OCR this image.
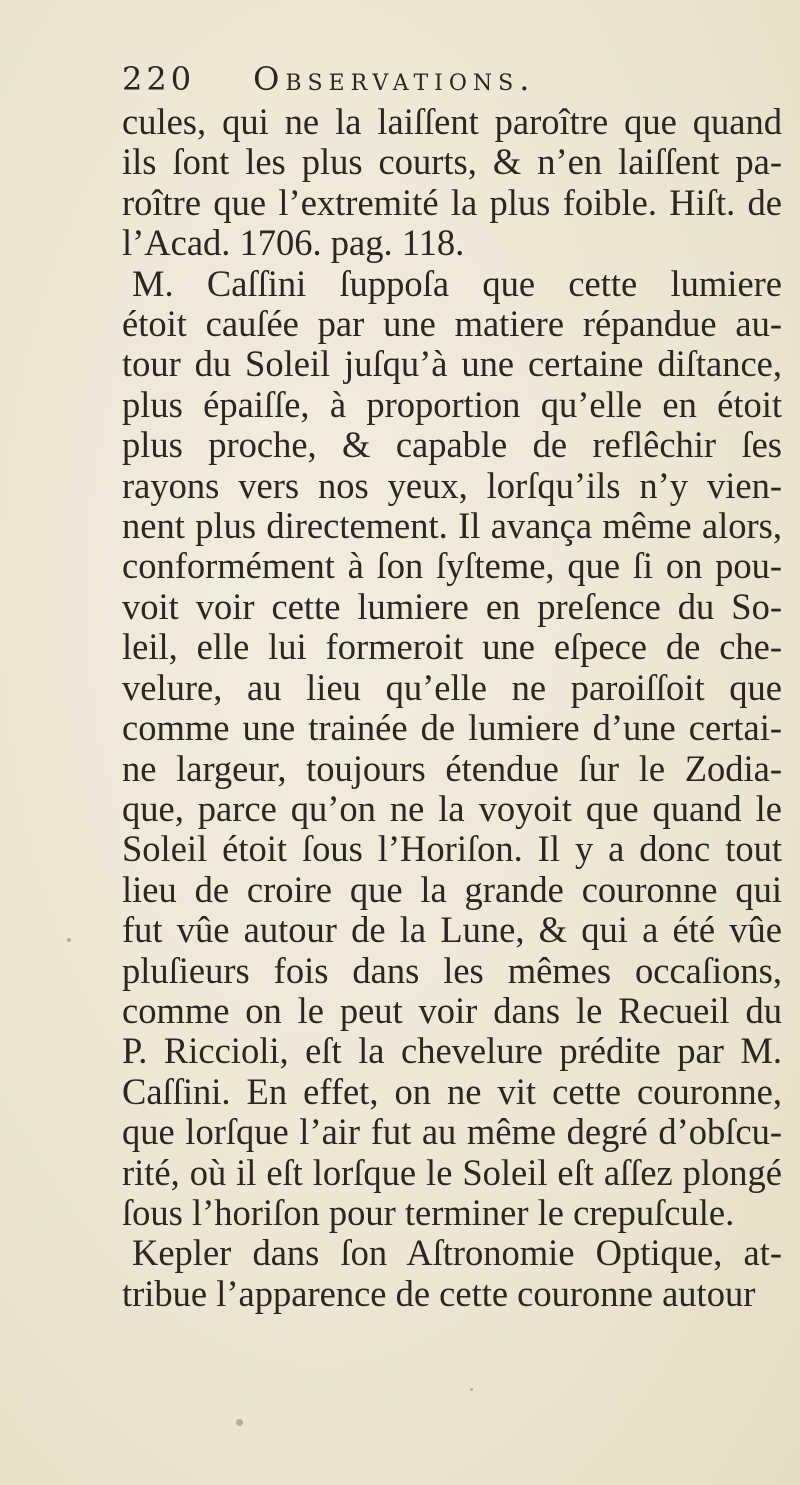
220 Observations.
cules, qui ne la laiſſent paroître que quand
ils ſont les plus courts, & n’en laiſſent pa-
roître que l’extremité la plus foible. Hiſt. de
l’Acad. 1706. pag. 118.
M. Caſſini ſuppoſa que cette lumiere
étoit cauſée par une matiere répandue au-
tour du Soleil juſqu’à une certaine diſtance,
plus épaiſſe, à proportion qu’elle en étoit
plus proche, & capable de reflêchir ſes
rayons vers nos yeux, lorſqu’ils n’y vien-
nent plus directement. Il avança même alors,
conformément à ſon ſyſteme, que ſi on pou-
voit voir cette lumiere en preſence du So-
leil, elle lui formeroit une eſpece de che-
velure, au lieu qu’elle ne paroiſſoit que
comme une trainée de lumiere d’une certai-
ne largeur, toujours étendue ſur le Zodia-
que, parce qu’on ne la voyoit que quand le
Soleil étoit ſous l’Horiſon. Il y a donc tout
lieu de croire que la grande couronne qui
fut vûe autour de la Lune, & qui a été vûe
pluſieurs fois dans les mêmes occaſions,
comme on le peut voir dans le Recueil du
P. Riccioli, eſt la chevelure prédite par M.
Caſſini. En effet, on ne vit cette couronne,
que lorſque l’air fut au même degré d’obſcu-
rité, où il eſt lorſque le Soleil eſt aſſez plongé
ſous l’horiſon pour terminer le crepuſcule.
Kepler dans ſon Aſtronomie Optique, at-
tribue l’apparence de cette couronne autour
